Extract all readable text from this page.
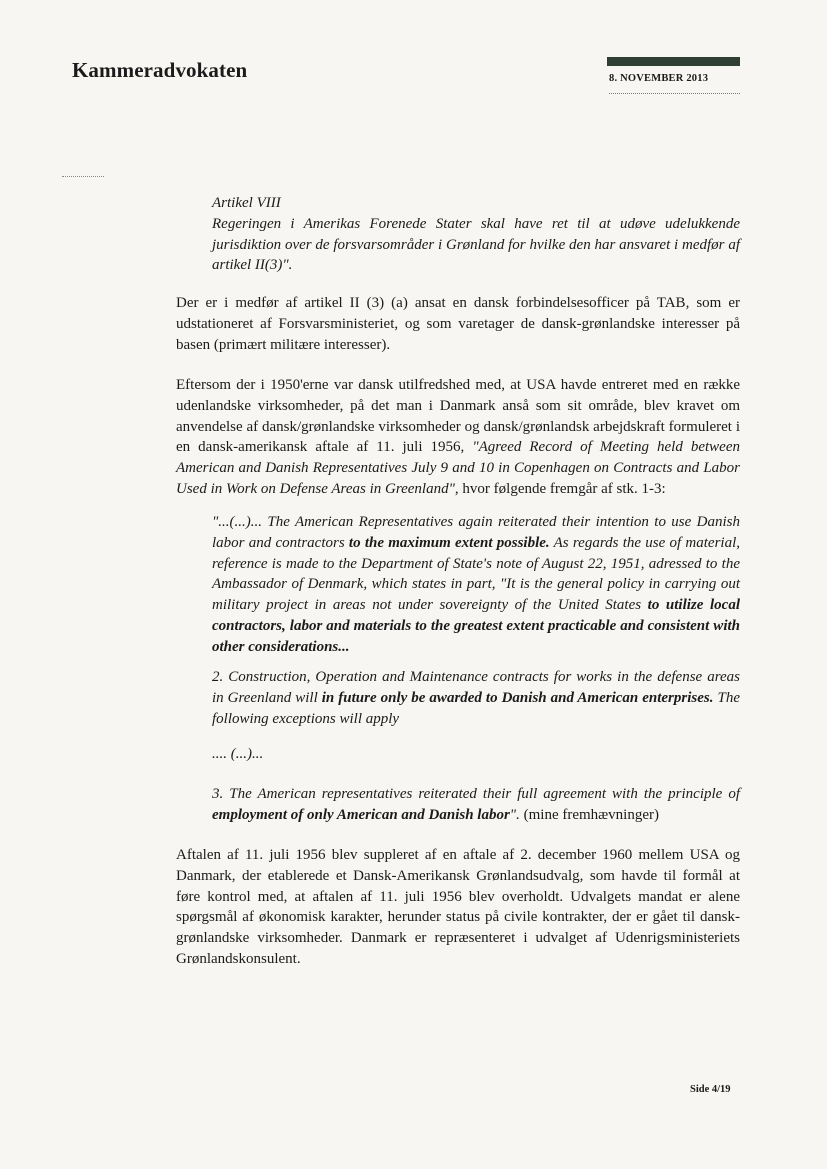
Kammeradvokaten	8. NOVEMBER 2013

Artikel VIII

Regeringen i Amerikas Forenede Stater skal have ret til at udøve udelukkende jurisdiktion over de forsvarsområder i Grønland for hvilke den har ansvaret i medfør af artikel II(3)".

Der er i medfør af artikel II (3) (a) ansat en dansk forbindelsesofficer på TAB, som er udstationeret af Forsvarsministeriet, og som varetager de dansk-grønlandske interesser på basen (primært militære interesser).

Eftersom der i 1950'erne var dansk utilfredshed med, at USA havde entreret med en række udenlandske virksomheder, på det man i Danmark anså som sit område, blev kravet om anvendelse af dansk/grønlandske virksomheder og dansk/grønlandsk arbejdskraft formuleret i en dansk-amerikansk aftale af 11. juli 1956, "Agreed Record of Meeting held between American and Danish Representatives July 9 and 10 in Copenhagen on Contracts and Labor Used in Work on Defense Areas in Greenland", hvor følgende fremgår af stk. 1-3:

"...(...)... The American Representatives again reiterated their intention to use Danish labor and contractors to the maximum extent possible. As regards the use of material, reference is made to the Department of State's note of August 22, 1951, adressed to the Ambassador of Denmark, which states in part, "It is the general policy in carrying out military project in areas not under sovereignty of the United States to utilize local contractors, labor and materials to the greatest extent practicable and consistent with other considerations...

2. Construction, Operation and Maintenance contracts for works in the defense areas in Greenland will in future only be awarded to Danish and American enterprises. The following exceptions will apply

.... (...)...

3. The American representatives reiterated their full agreement with the principle of employment of only American and Danish labor". (mine fremhævninger)

Aftalen af 11. juli 1956 blev suppleret af en aftale af 2. december 1960 mellem USA og Danmark, der etablerede et Dansk-Amerikansk Grønlandsudvalg, som havde til formål at føre kontrol med, at aftalen af 11. juli 1956 blev overholdt. Udvalgets mandat er alene spørgsmål af økonomisk karakter, herunder status på civile kontrakter, der er gået til dansk-grønlandske virksomheder. Danmark er repræsenteret i udvalget af Udenrigsministeriets Grønlandskonsulent.

Side 4/19
